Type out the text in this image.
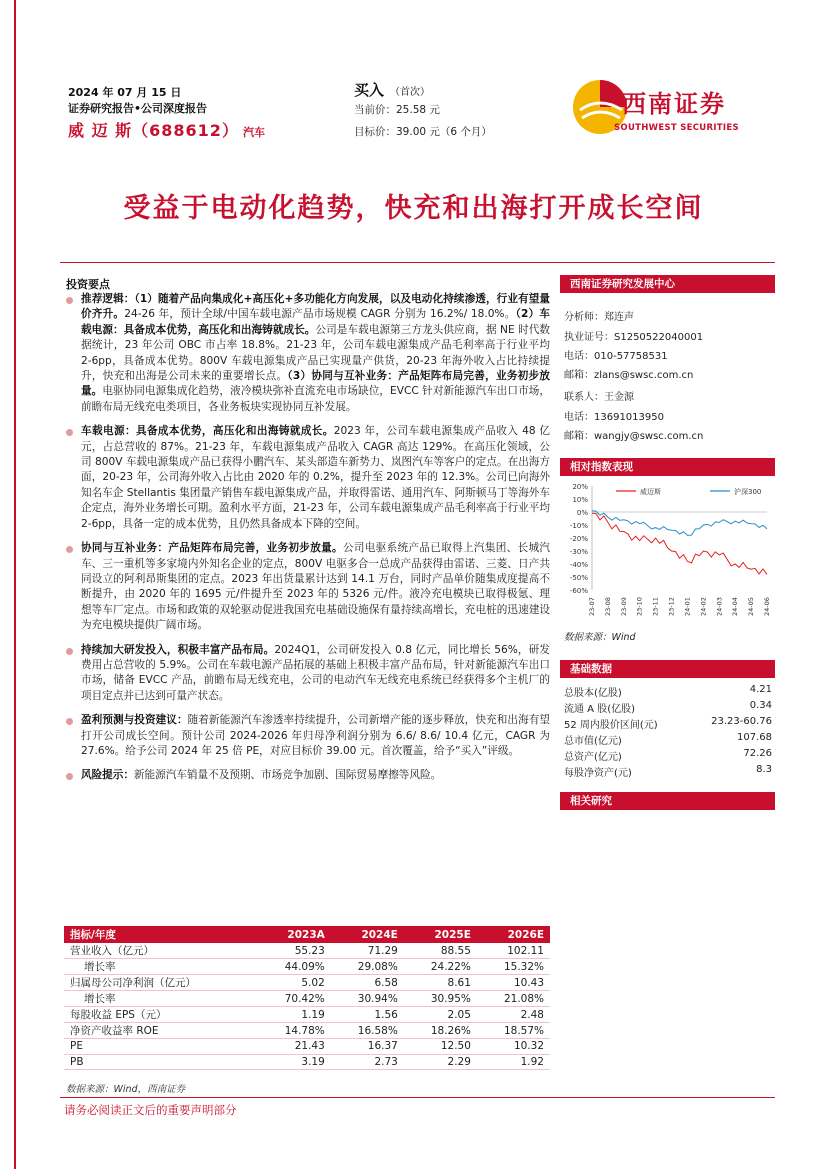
2024 年 07 月 15 日
证券研究报告•公司深度报告
威 迈 斯（688612） 汽车
买入 （首次）
当前价：25.58 元
目标价：39.00 元（6 个月）
西南证券
SOUTHWEST SECURITIES
受益于电动化趋势，快充和出海打开成长空间
投资要点
推荐逻辑：（1）随着产品向集成化+高压化+多功能化方向发展，以及电动化持续渗透，行业有望量价齐升。24-26 年，预计全球/中国车载电源产品市场规模 CAGR 分别为 16.2%/ 18.0%。（2）车载电源：具备成本优势，高压化和出海铸就成长。公司是车载电源第三方龙头供应商，据 NE 时代数据统计，23 年公司 OBC 市占率 18.8%。21-23 年，公司车载电源集成产品毛利率高于行业平均 2-6pp，具备成本优势。800V 车载电源集成产品已实现量产供货，20-23 年海外收入占比持续提升，快充和出海是公司未来的重要增长点。（3）协同与互补业务：产品矩阵布局完善，业务初步放量。电驱协同电源集成化趋势，液冷模块弥补直流充电市场缺位，EVCC 针对新能源汽车出口市场，前瞻布局无线充电类项目，各业务板块实现协同互补发展。
车载电源：具备成本优势，高压化和出海铸就成长。2023 年，公司车载电源集成产品收入 48 亿元，占总营收的 87%。21-23 年，车载电源集成产品收入 CAGR 高达 129%。在高压化领域，公司 800V 车载电源集成产品已获得小鹏汽车、某头部造车新势力、岚图汽车等客户的定点。在出海方面，20-23 年，公司海外收入占比由 2020 年的 0.2%，提升至 2023 年的 12.3%。公司已向海外知名车企 Stellantis 集团量产销售车载电源集成产品，并取得雷诺、通用汽车、阿斯顿马丁等海外车企定点，海外业务增长可期。盈利水平方面，21-23 年，公司车载电源集成产品毛利率高于行业平均 2-6pp，具备一定的成本优势，且仍然具备成本下降的空间。
协同与互补业务：产品矩阵布局完善，业务初步放量。公司电驱系统产品已取得上汽集团、长城汽车、三一重机等多家境内外知名企业的定点，800V 电驱多合一总成产品获得由雷诺、三菱、日产共同设立的阿利昂斯集团的定点。2023 年出货量累计达到 14.1 万台，同时产品单价随集成度提高不断提升，由 2020 年的 1695 元/件提升至 2023 年的 5326 元/件。液冷充电模块已取得极氪、理想等车厂定点。市场和政策的双轮驱动促进我国充电基础设施保有量持续高增长，充电桩的迅速建设为充电模块提供广阔市场。
持续加大研发投入，积极丰富产品布局。2024Q1，公司研发投入 0.8 亿元，同比增长 56%，研发费用占总营收的 5.9%。公司在车载电源产品拓展的基础上积极丰富产品布局，针对新能源汽车出口市场，储备 EVCC 产品，前瞻布局无线充电，公司的电动汽车无线充电系统已经获得多个主机厂的项目定点并已达到可量产状态。
盈利预测与投资建议：随着新能源汽车渗透率持续提升，公司新增产能的逐步释放，快充和出海有望打开公司成长空间。预计公司 2024-2026 年归母净利润分别为 6.6/ 8.6/ 10.4 亿元，CAGR 为 27.6%。给予公司 2024 年 25 倍 PE，对应目标价 39.00 元。首次覆盖，给予“买入”评级。
风险提示：新能源汽车销量不及预期、市场竞争加剧、国际贸易摩擦等风险。
西南证券研究发展中心
分析师：郑连声
执业证号：S1250522040001
电话：010-57758531
邮箱：zlans@swsc.com.cn
联系人：王金源
电话：13691013950
邮箱：wangjy@swsc.com.cn
相对指数表现
20%
10%
0%
-10%
-20%
-30%
-40%
-50%
-60%
23-07 23-08 23-09 23-10 23-11 23-12 24-01 24-02 24-03 24-04 24-05 24-06
威迈斯	沪深300
数据来源：Wind
基础数据
总股本(亿股)	4.21
流通 A 股(亿股)	0.34
52 周内股价区间(元)	23.23-60.76
总市值(亿元)	107.68
总资产(亿元)	72.26
每股净资产(元)	8.3
相关研究
指标/年度	2023A	2024E	2025E	2026E
营业收入（亿元）	55.23	71.29	88.55	102.11
增长率	44.09%	29.08%	24.22%	15.32%
归属母公司净利润（亿元）	5.02	6.58	8.61	10.43
增长率	70.42%	30.94%	30.95%	21.08%
每股收益 EPS（元）	1.19	1.56	2.05	2.48
净资产收益率 ROE	14.78%	16.58%	18.26%	18.57%
PE	21.43	16.37	12.50	10.32
PB	3.19	2.73	2.29	1.92
数据来源：Wind，西南证券
请务必阅读正文后的重要声明部分
